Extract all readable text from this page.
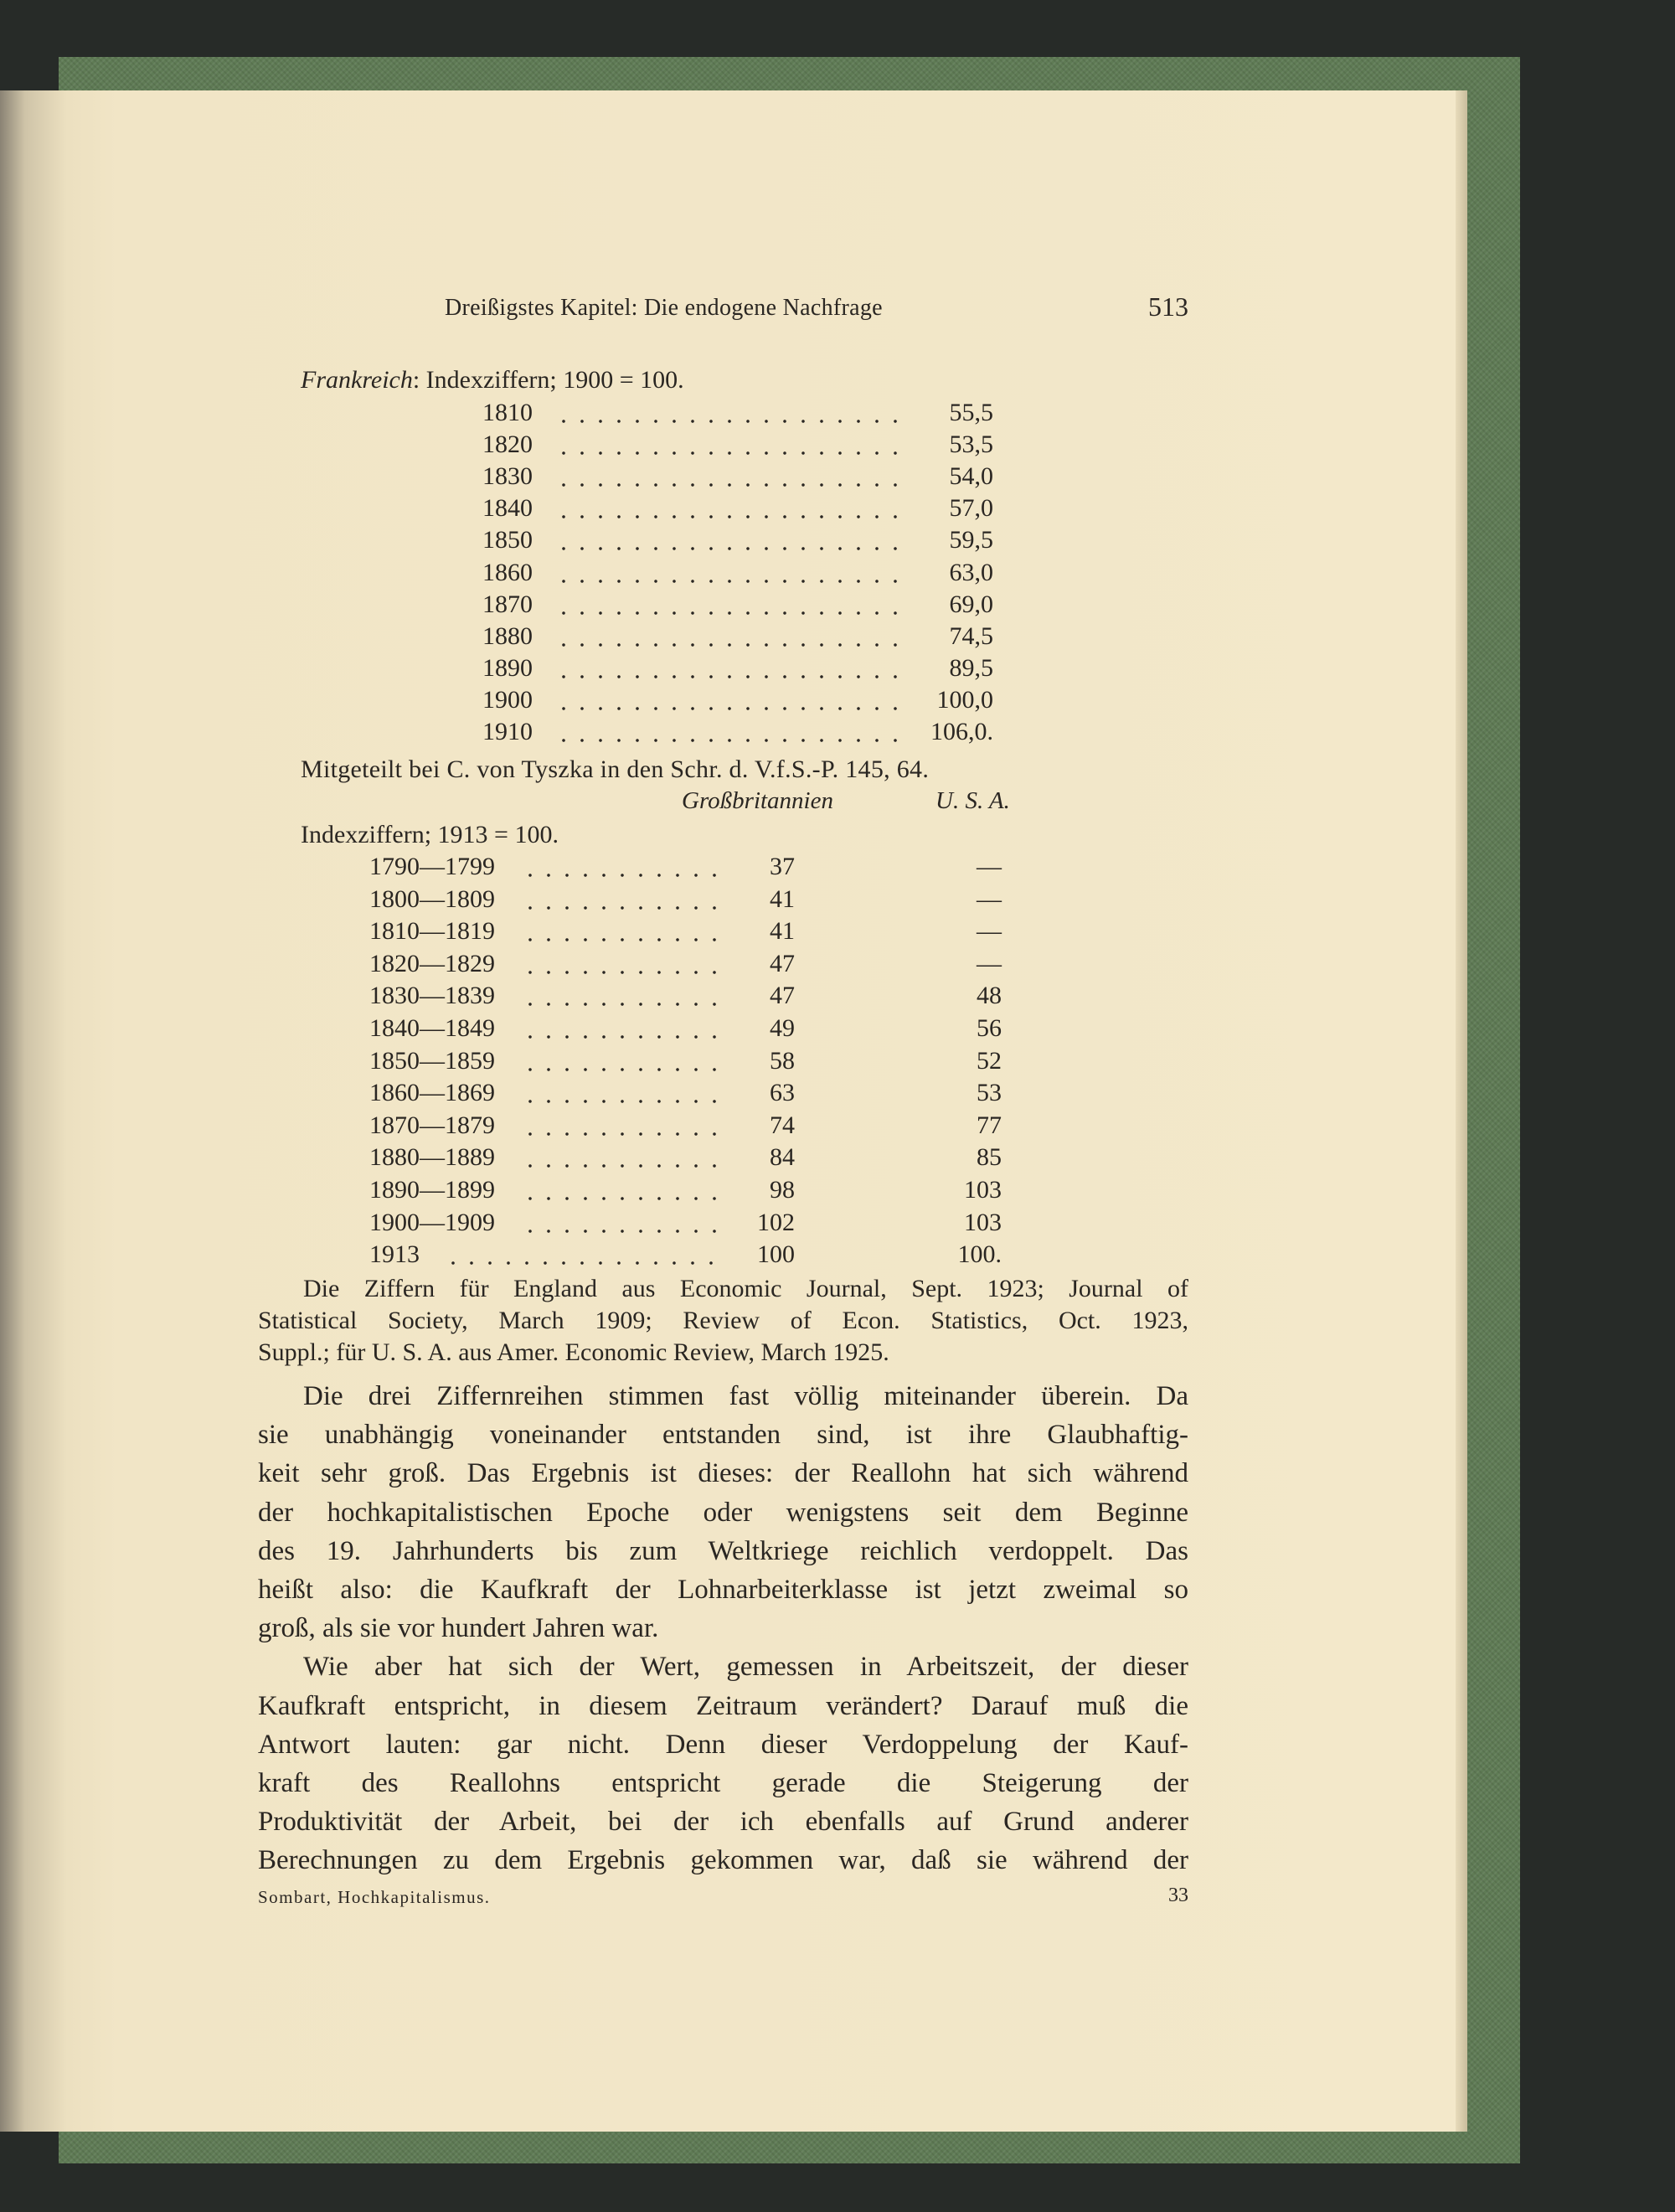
Dreißigstes Kapitel: Die endogene Nachfrage	513
Frankreich: Indexziffern; 1900 = 100.
1810	55,5
1820	53,5
1830	54,0
1840	57,0
1850	59,5
1860	63,0
1870	69,0
1880	74,5
1890	89,5
1900	100,0
1910	106,0.
Mitgeteilt bei C. von Tyszka in den Schr. d. V.f.S.-P. 145, 64.
Großbritannien	U. S. A.
Indexziffern; 1913 = 100.
1790—1799	37	—
1800—1809	41	—
1810—1819	41	—
1820—1829	47	—
1830—1839	47	48
1840—1849	49	56
1850—1859	58	52
1860—1869	63	53
1870—1879	74	77
1880—1889	84	85
1890—1899	98	103
1900—1909	102	103
1913	100	100.
Die Ziffern für England aus Economic Journal, Sept. 1923; Journal of
Statistical Society, March 1909; Review of Econ. Statistics, Oct. 1923,
Suppl.; für U. S. A. aus Amer. Economic Review, March 1925.
Die drei Ziffernreihen stimmen fast völlig miteinander überein. Da
sie unabhängig voneinander entstanden sind, ist ihre Glaubhaftig-
keit sehr groß. Das Ergebnis ist dieses: der Reallohn hat sich während
der hochkapitalistischen Epoche oder wenigstens seit dem Beginne
des 19. Jahrhunderts bis zum Weltkriege reichlich verdoppelt. Das
heißt also: die Kaufkraft der Lohnarbeiterklasse ist jetzt zweimal so
groß, als sie vor hundert Jahren war.
Wie aber hat sich der Wert, gemessen in Arbeitszeit, der dieser
Kaufkraft entspricht, in diesem Zeitraum verändert? Darauf muß die
Antwort lauten: gar nicht. Denn dieser Verdoppelung der Kauf-
kraft des Reallohns entspricht gerade die Steigerung der
Produktivität der Arbeit, bei der ich ebenfalls auf Grund anderer
Berechnungen zu dem Ergebnis gekommen war, daß sie während der
Sombart, Hochkapitalismus.	33
